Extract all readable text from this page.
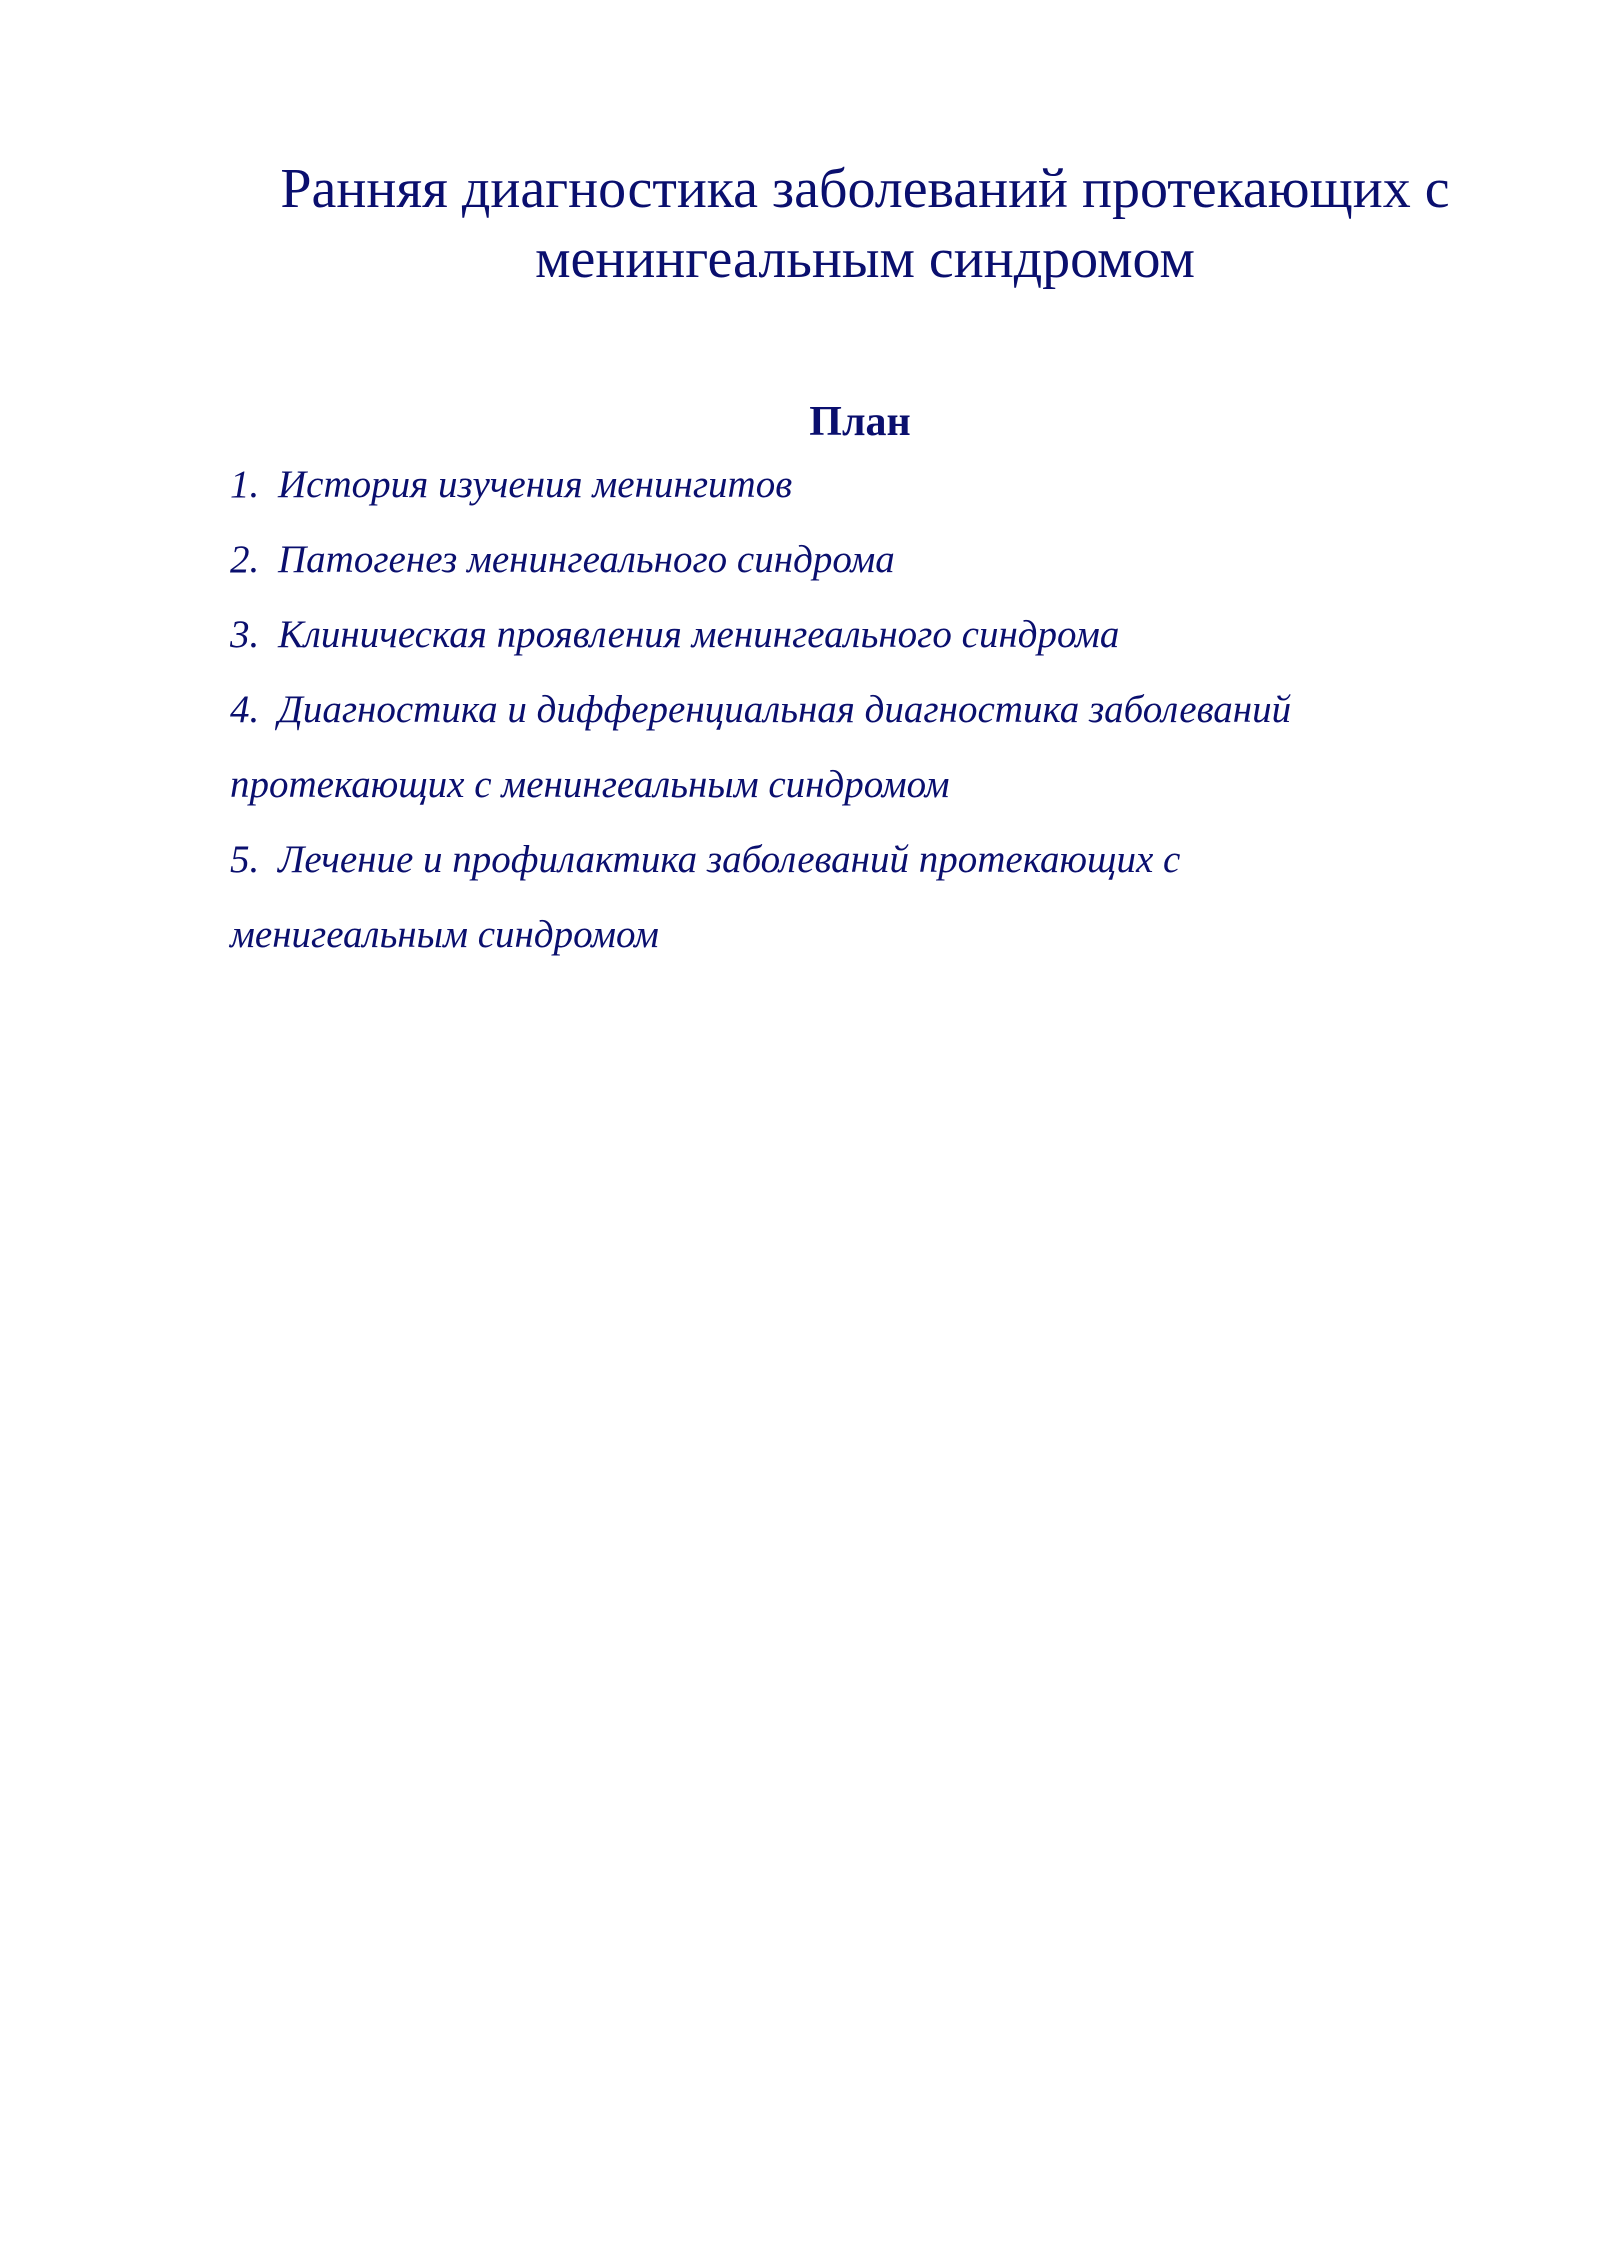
Ранняя диагностика заболеваний протекающих с
менингеальным синдромом
План
1. История изучения менингитов
2. Патогенез менингеального синдрома
3. Клиническая проявления менингеального синдрома
4. Диагностика и дифференциальная диагностика заболеваний
протекающих с менингеальным синдромом
5. Лечение и профилактика заболеваний протекающих с
менигеальным синдромом
